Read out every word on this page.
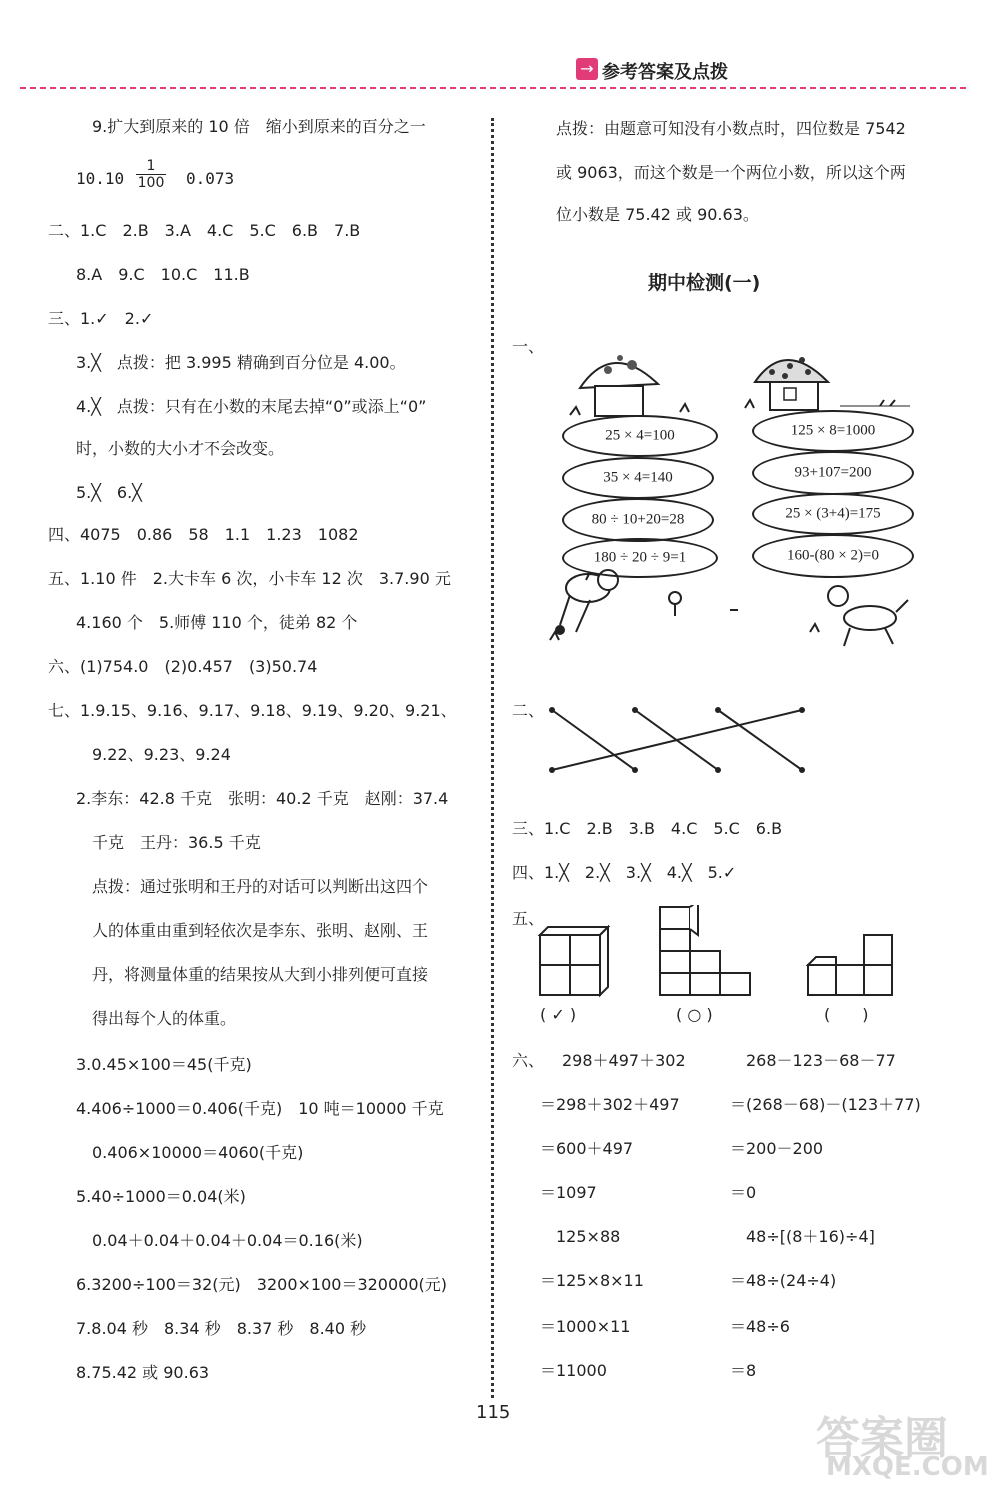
→ 参考答案及点拨
9.扩大到原来的 10 倍　缩小到原来的百分之一
$10.10 \frac{1}{100} 0.073$
二、1.C　2.B　3.A　4.C　5.C　6.B　7.B
8.A　9.C　10.C　11.B
三、1.✓　2.✓
3.╳　点拨：把 3.995 精确到百分位是 4.00。
4.╳　点拨：只有在小数的末尾去掉“0”或添上“0”
时，小数的大小才不会改变。
5.╳　6.╳
四、4075　0.86　58　1.1　1.23　1082
五、1.10 件　2.大卡车 6 次，小卡车 12 次　3.7.90 元
4.160 个　5.师傅 110 个，徒弟 82 个
六、(1)754.0　(2)0.457　(3)50.74
七、1.9.15、9.16、9.17、9.18、9.19、9.20、9.21、
9.22、9.23、9.24
2.李东：42.8 千克　张明：40.2 千克　赵刚：37.4
千克　王丹：36.5 千克
点拨：通过张明和王丹的对话可以判断出这四个
人的体重由重到轻依次是李东、张明、赵刚、王
丹，将测量体重的结果按从大到小排列便可直接
得出每个人的体重。
3.0.45×100＝45(千克)
4.406÷1000＝0.406(千克)　10 吨＝10000 千克
0.406×10000＝4060(千克)
5.40÷1000＝0.04(米)
0.04＋0.04＋0.04＋0.04＝0.16(米)
6.3200÷100＝32(元)　3200×100＝320000(元)
7.8.04 秒　8.34 秒　8.37 秒　8.40 秒
8.75.42 或 90.63
点拨：由题意可知没有小数点时，四位数是 7542
或 9063，而这个数是一个两位小数，所以这个两
位小数是 75.42 或 90.63。
期中检测(一)
一、
25 × 4=100
35 × 4=140
80 ÷ 10+20=28
180 ÷ 20 ÷ 9=1
125 × 8=1000
93+107=200
25 × (3+4)=175
160-(80 × 2)=0
二、
三、1.C　2.B　3.B　4.C　5.C　6.B
四、1.╳　2.╳　3.╳　4.╳　5.✓
五、
( ✓ )	( ○ )	(　　)
六、 298＋497＋302
＝298＋302＋497
＝600＋497
＝1097
125×88
＝125×8×11
＝1000×11
＝11000
268－123－68－77
＝(268－68)－(123＋77)
＝200－200
＝0
48÷[(8＋16)÷4]
＝48÷(24÷4)
＝48÷6
＝8
115
答案圈
MXQE.COM
